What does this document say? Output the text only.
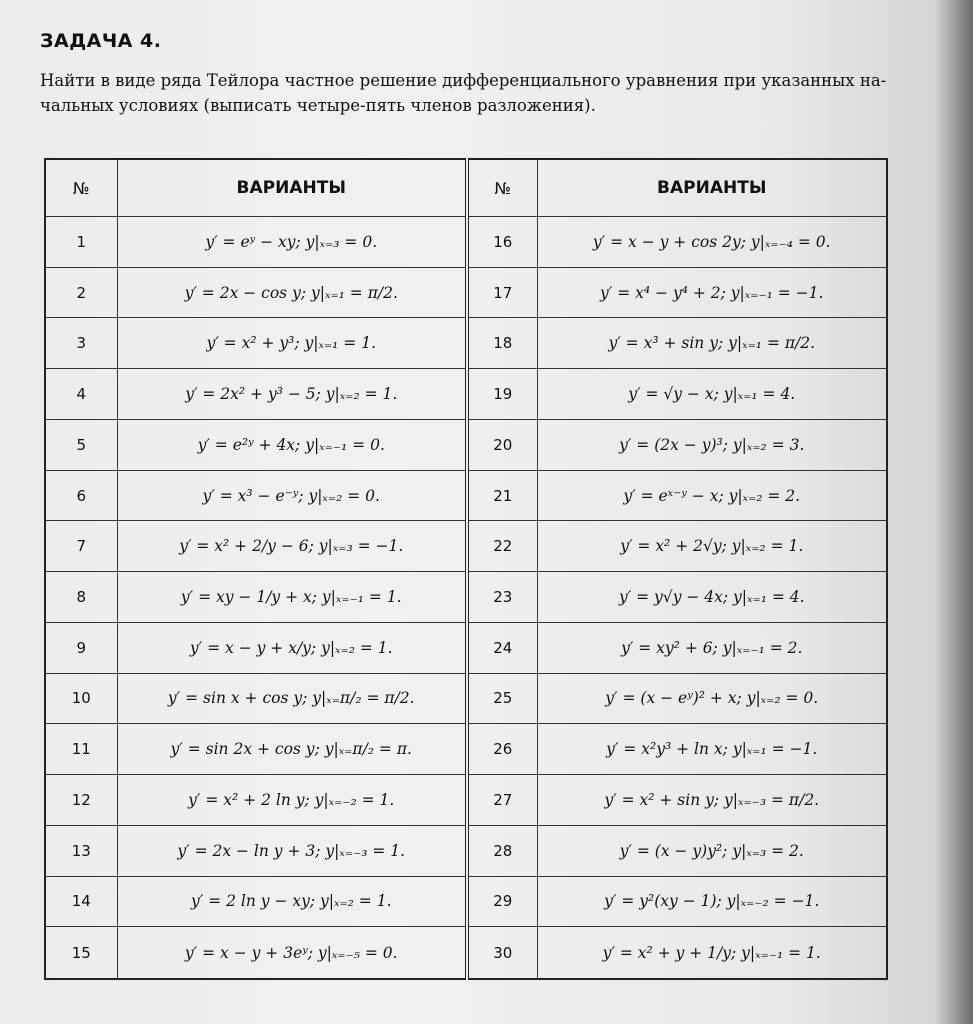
ЗАДАЧА 4.
Найти в виде ряда Тейлора частное решение дифференциального уравнения при указанных на-
чальных условиях (выписать четыре-пять членов разложения).
№	ВАРИАНТЫ	№	ВАРИАНТЫ
1	y′ = eʸ − xy; y|ₓ₌₃ = 0.	16	y′ = x − y + cos 2y; y|ₓ₌₋₄ = 0.
2	y′ = 2x − cos y; y|ₓ₌₁ = π/2.	17	y′ = x⁴ − y⁴ + 2; y|ₓ₌₋₁ = −1.
3	y′ = x² + y³; y|ₓ₌₁ = 1.	18	y′ = x³ + sin y; y|ₓ₌₁ = π/2.
4	y′ = 2x² + y³ − 5; y|ₓ₌₂ = 1.	19	y′ = √y − x; y|ₓ₌₁ = 4.
5	y′ = e²ʸ + 4x; y|ₓ₌₋₁ = 0.	20	y′ = (2x − y)³; y|ₓ₌₂ = 3.
6	y′ = x³ − e⁻ʸ; y|ₓ₌₂ = 0.	21	y′ = eˣ⁻ʸ − x; y|ₓ₌₂ = 2.
7	y′ = x² + 2/y − 6; y|ₓ₌₃ = −1.	22	y′ = x² + 2√y; y|ₓ₌₂ = 1.
8	y′ = xy − 1/y + x; y|ₓ₌₋₁ = 1.	23	y′ = y√y − 4x; y|ₓ₌₁ = 4.
9	y′ = x − y + x/y; y|ₓ₌₂ = 1.	24	y′ = xy² + 6; y|ₓ₌₋₁ = 2.
10	y′ = sin x + cos y; y|ₓ₌π/₂ = π/2.	25	y′ = (x − eʸ)² + x; y|ₓ₌₂ = 0.
11	y′ = sin 2x + cos y; y|ₓ₌π/₂ = π.	26	y′ = x²y³ + ln x; y|ₓ₌₁ = −1.
12	y′ = x² + 2 ln y; y|ₓ₌₋₂ = 1.	27	y′ = x² + sin y; y|ₓ₌₋₃ = π/2.
13	y′ = 2x − ln y + 3; y|ₓ₌₋₃ = 1.	28	y′ = (x − y)y²; y|ₓ₌₃ = 2.
14	y′ = 2 ln y − xy; y|ₓ₌₂ = 1.	29	y′ = y²(xy − 1); y|ₓ₌₋₂ = −1.
15	y′ = x − y + 3eʸ; y|ₓ₌₋₅ = 0.	30	y′ = x² + y + 1/y; y|ₓ₌₋₁ = 1.
